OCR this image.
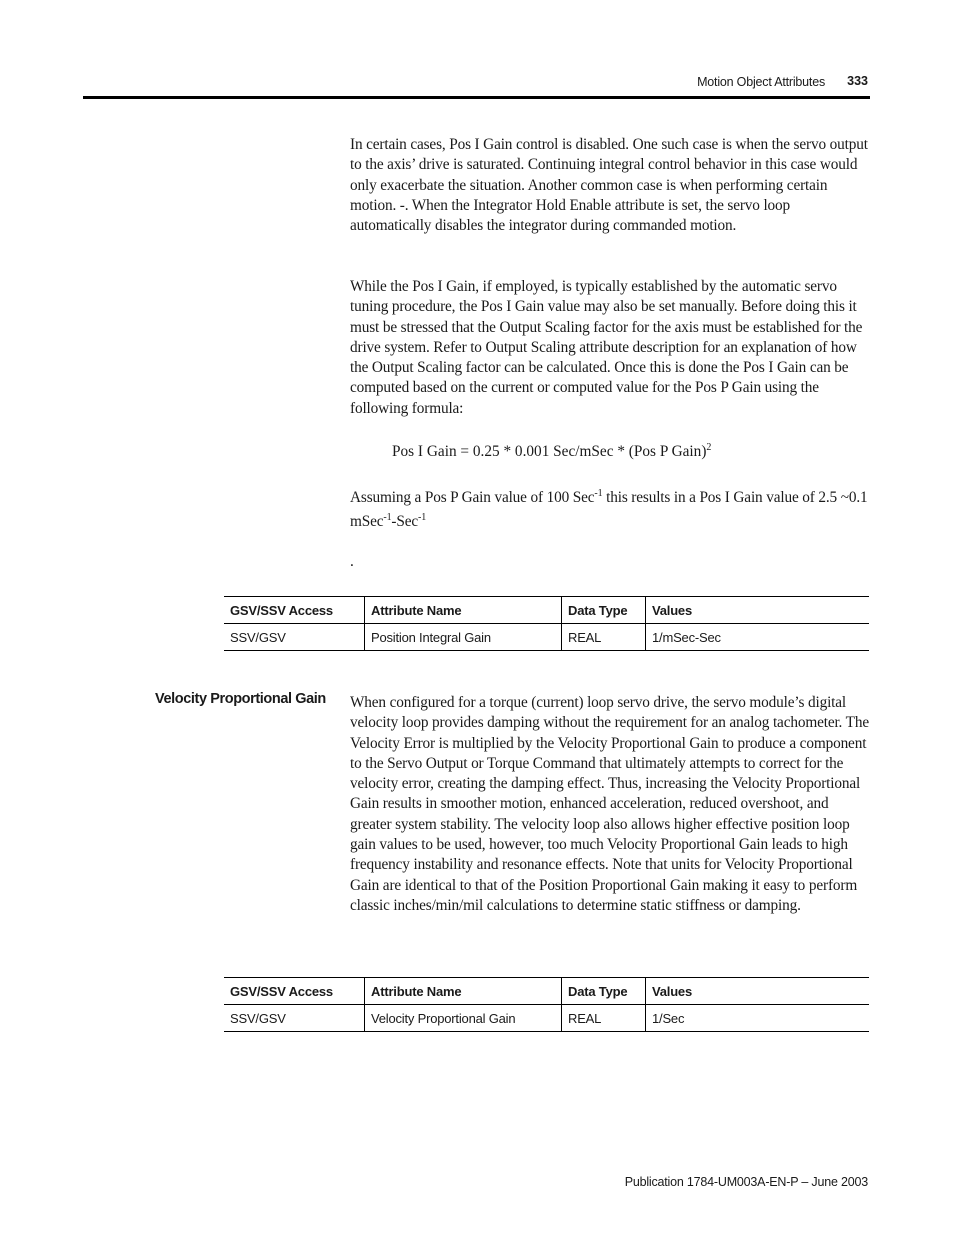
Motion Object Attributes 333

In certain cases, Pos I Gain control is disabled. One such case is when the servo output to the axis’ drive is saturated. Continuing integral control behavior in this case would only exacerbate the situation. Another common case is when performing certain motion. -. When the Integrator Hold Enable attribute is set, the servo loop automatically disables the integrator during commanded motion.

While the Pos I Gain, if employed, is typically established by the automatic servo tuning procedure, the Pos I Gain value may also be set manually. Before doing this it must be stressed that the Output Scaling factor for the axis must be established for the drive system. Refer to Output Scaling attribute description for an explanation of how the Output Scaling factor can be calculated. Once this is done the Pos I Gain can be computed based on the current or computed value for the Pos P Gain using the following formula:

Pos I Gain = 0.25 * 0.001 Sec/mSec * (Pos P Gain)$^2$
Assuming a Pos P Gain value of 100 Sec$^{-1}$ this results in a Pos I Gain value of 2.5 ~0.1 mSec$^{-1}$-Sec$^{-1}$
.
GSV/SSV Access	Attribute Name	Data Type	Values
SSV/GSV	Position Integral Gain	REAL	1/mSec-Sec
Velocity Proportional Gain When configured for a torque (current) loop servo drive, the servo module’s digital velocity loop provides damping without the requirement for an analog tachometer. The Velocity Error is multiplied by the Velocity Proportional Gain to produce a component to the Servo Output or Torque Command that ultimately attempts to correct for the velocity error, creating the damping effect. Thus, increasing the Velocity Proportional Gain results in smoother motion, enhanced acceleration, reduced overshoot, and greater system stability. The velocity loop also allows higher effective position loop gain values to be used, however, too much Velocity Proportional Gain leads to high frequency instability and resonance effects. Note that units for Velocity Proportional Gain are identical to that of the Position Proportional Gain making it easy to perform classic inches/min/mil calculations to determine static stiffness or damping.

GSV/SSV Access	Attribute Name	Data Type	Values
SSV/GSV	Velocity Proportional Gain	REAL	1/Sec
Publication 1784-UM003A-EN-P – June 2003
